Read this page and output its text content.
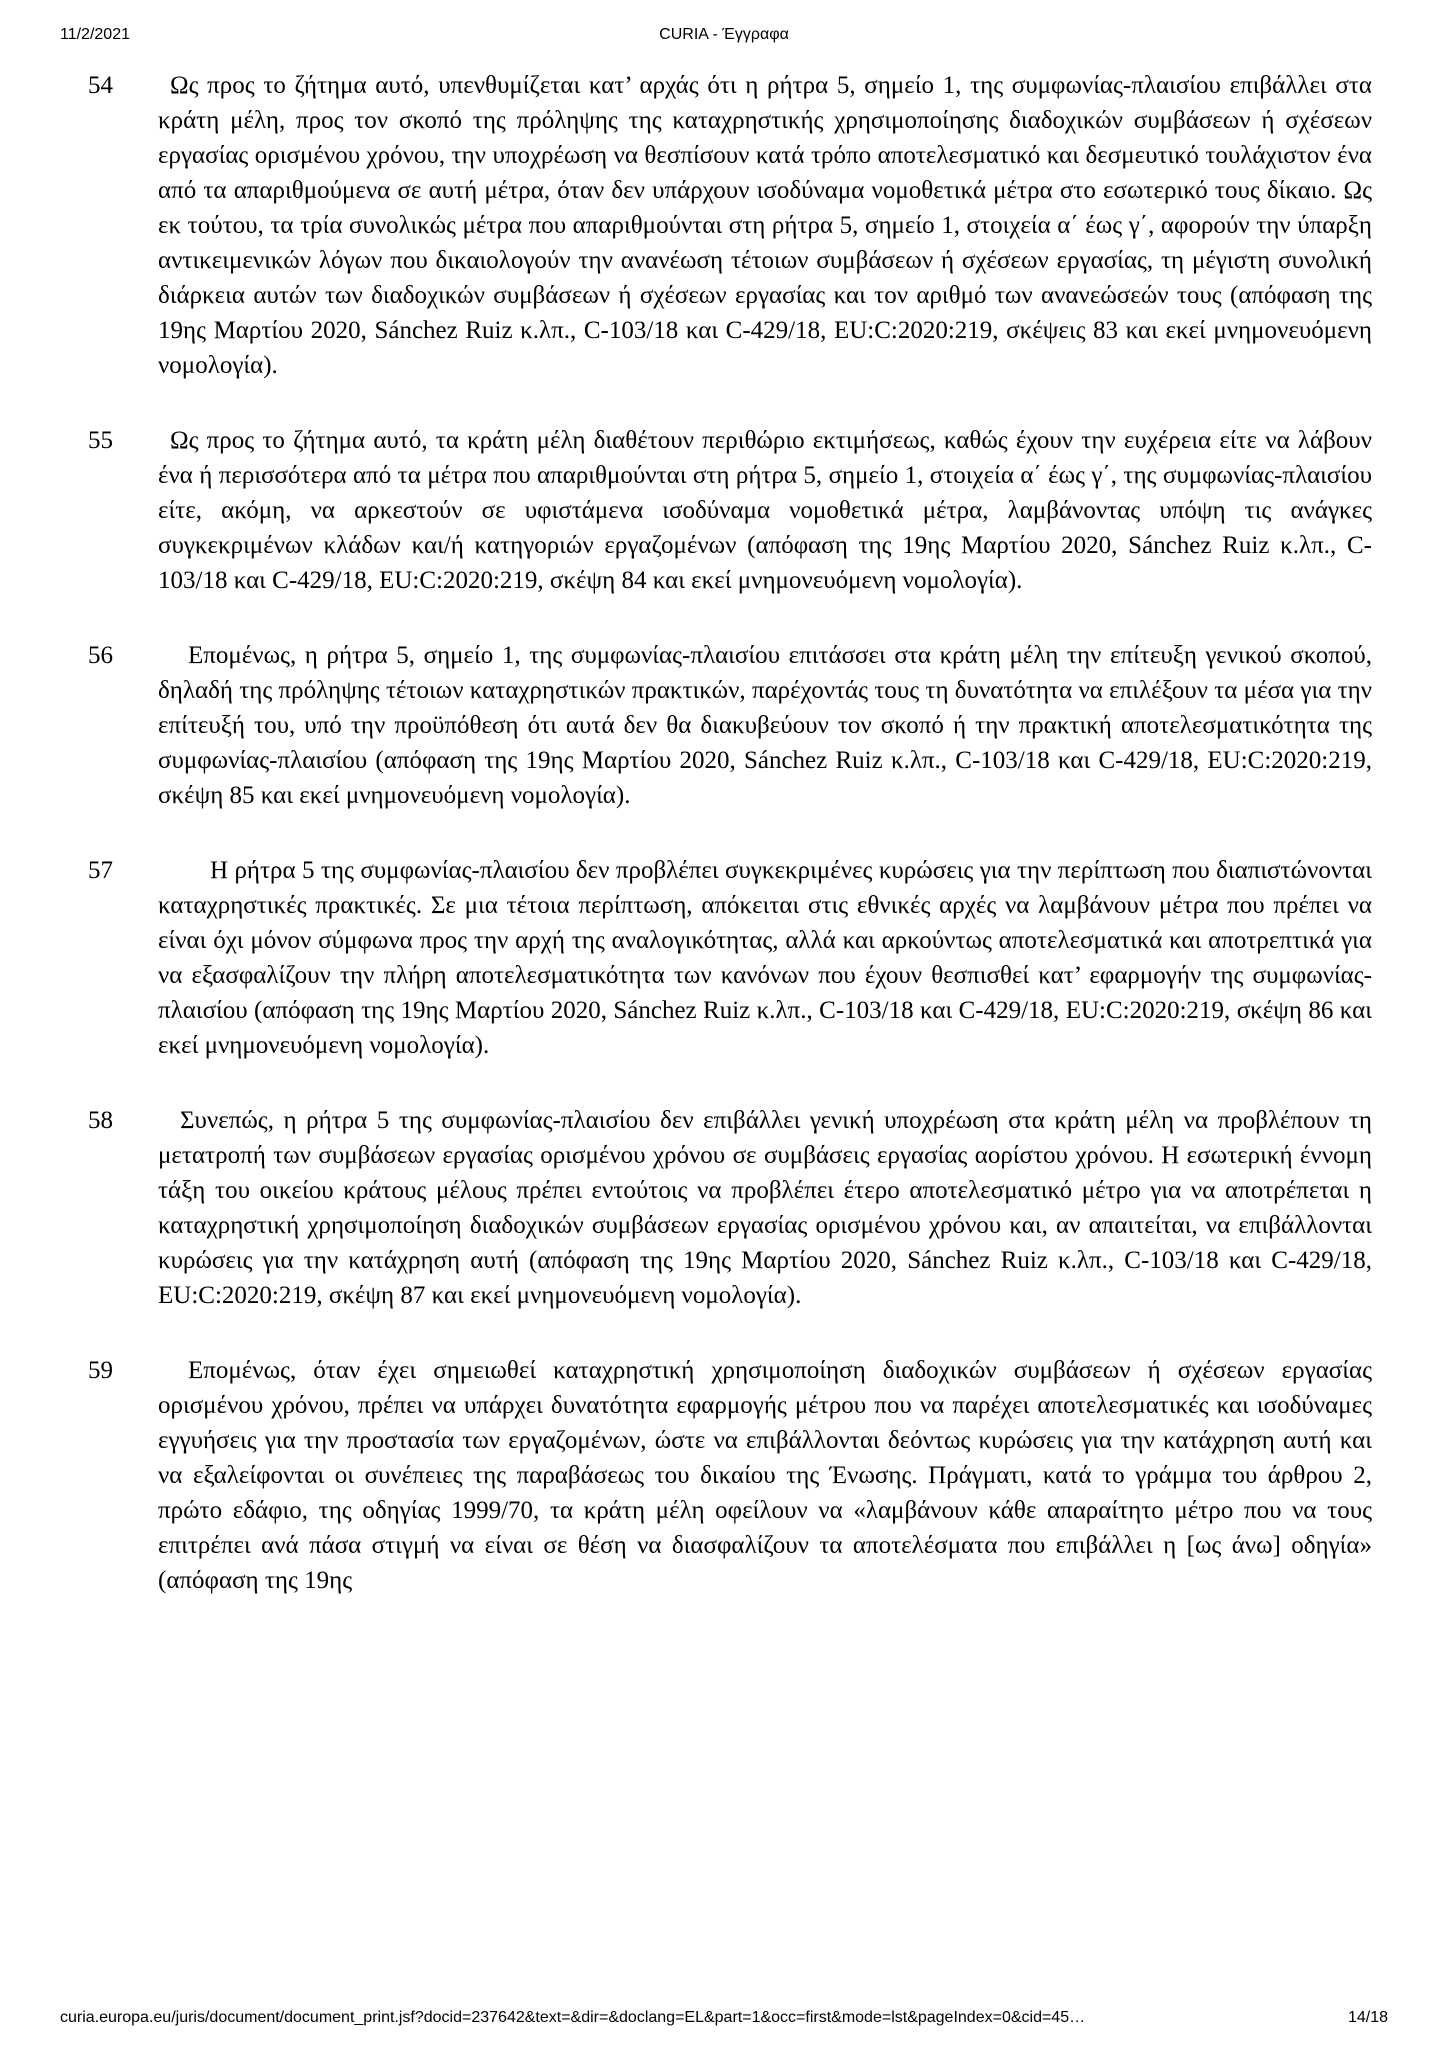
11/2/2021	CURIA - Έγγραφα
54	Ως προς το ζήτημα αυτό, υπενθυμίζεται κατ’ αρχάς ότι η ρήτρα 5, σημείο 1, της συμφωνίας-πλαισίου επιβάλλει στα κράτη μέλη, προς τον σκοπό της πρόληψης της καταχρηστικής χρησιμοποίησης διαδοχικών συμβάσεων ή σχέσεων εργασίας ορισμένου χρόνου, την υποχρέωση να θεσπίσουν κατά τρόπο αποτελεσματικό και δεσμευτικό τουλάχιστον ένα από τα απαριθμούμενα σε αυτή μέτρα, όταν δεν υπάρχουν ισοδύναμα νομοθετικά μέτρα στο εσωτερικό τους δίκαιο. Ως εκ τούτου, τα τρία συνολικώς μέτρα που απαριθμούνται στη ρήτρα 5, σημείο 1, στοιχεία α΄ έως γ΄, αφορούν την ύπαρξη αντικειμενικών λόγων που δικαιολογούν την ανανέωση τέτοιων συμβάσεων ή σχέσεων εργασίας, τη μέγιστη συνολική διάρκεια αυτών των διαδοχικών συμβάσεων ή σχέσεων εργασίας και τον αριθμό των ανανεώσεών τους (απόφαση της 19ης Μαρτίου 2020, Sánchez Ruiz κ.λπ., C-103/18 και C-429/18, EU:C:2020:219, σκέψεις 83 και εκεί μνημονευόμενη νομολογία).
55	Ως προς το ζήτημα αυτό, τα κράτη μέλη διαθέτουν περιθώριο εκτιμήσεως, καθώς έχουν την ευχέρεια είτε να λάβουν ένα ή περισσότερα από τα μέτρα που απαριθμούνται στη ρήτρα 5, σημείο 1, στοιχεία α΄ έως γ΄, της συμφωνίας-πλαισίου είτε, ακόμη, να αρκεστούν σε υφιστάμενα ισοδύναμα νομοθετικά μέτρα, λαμβάνοντας υπόψη τις ανάγκες συγκεκριμένων κλάδων και/ή κατηγοριών εργαζομένων (απόφαση της 19ης Μαρτίου 2020, Sánchez Ruiz κ.λπ., C-103/18 και C-429/18, EU:C:2020:219, σκέψη 84 και εκεί μνημονευόμενη νομολογία).
56	Επομένως, η ρήτρα 5, σημείο 1, της συμφωνίας-πλαισίου επιτάσσει στα κράτη μέλη την επίτευξη γενικού σκοπού, δηλαδή της πρόληψης τέτοιων καταχρηστικών πρακτικών, παρέχοντάς τους τη δυνατότητα να επιλέξουν τα μέσα για την επίτευξή του, υπό την προϋπόθεση ότι αυτά δεν θα διακυβεύουν τον σκοπό ή την πρακτική αποτελεσματικότητα της συμφωνίας-πλαισίου (απόφαση της 19ης Μαρτίου 2020, Sánchez Ruiz κ.λπ., C-103/18 και C-429/18, EU:C:2020:219, σκέψη 85 και εκεί μνημονευόμενη νομολογία).
57	Η ρήτρα 5 της συμφωνίας-πλαισίου δεν προβλέπει συγκεκριμένες κυρώσεις για την περίπτωση που διαπιστώνονται καταχρηστικές πρακτικές. Σε μια τέτοια περίπτωση, απόκειται στις εθνικές αρχές να λαμβάνουν μέτρα που πρέπει να είναι όχι μόνον σύμφωνα προς την αρχή της αναλογικότητας, αλλά και αρκούντως αποτελεσματικά και αποτρεπτικά για να εξασφαλίζουν την πλήρη αποτελεσματικότητα των κανόνων που έχουν θεσπισθεί κατ’ εφαρμογήν της συμφωνίας-πλαισίου (απόφαση της 19ης Μαρτίου 2020, Sánchez Ruiz κ.λπ., C-103/18 και C-429/18, EU:C:2020:219, σκέψη 86 και εκεί μνημονευόμενη νομολογία).
58	Συνεπώς, η ρήτρα 5 της συμφωνίας-πλαισίου δεν επιβάλλει γενική υποχρέωση στα κράτη μέλη να προβλέπουν τη μετατροπή των συμβάσεων εργασίας ορισμένου χρόνου σε συμβάσεις εργασίας αορίστου χρόνου. Η εσωτερική έννομη τάξη του οικείου κράτους μέλους πρέπει εντούτοις να προβλέπει έτερο αποτελεσματικό μέτρο για να αποτρέπεται η καταχρηστική χρησιμοποίηση διαδοχικών συμβάσεων εργασίας ορισμένου χρόνου και, αν απαιτείται, να επιβάλλονται κυρώσεις για την κατάχρηση αυτή (απόφαση της 19ης Μαρτίου 2020, Sánchez Ruiz κ.λπ., C-103/18 και C-429/18, EU:C:2020:219, σκέψη 87 και εκεί μνημονευόμενη νομολογία).
59	Επομένως, όταν έχει σημειωθεί καταχρηστική χρησιμοποίηση διαδοχικών συμβάσεων ή σχέσεων εργασίας ορισμένου χρόνου, πρέπει να υπάρχει δυνατότητα εφαρμογής μέτρου που να παρέχει αποτελεσματικές και ισοδύναμες εγγυήσεις για την προστασία των εργαζομένων, ώστε να επιβάλλονται δεόντως κυρώσεις για την κατάχρηση αυτή και να εξαλείφονται οι συνέπειες της παραβάσεως του δικαίου της Ένωσης. Πράγματι, κατά το γράμμα του άρθρου 2, πρώτο εδάφιο, της οδηγίας 1999/70, τα κράτη μέλη οφείλουν να «λαμβάνουν κάθε απαραίτητο μέτρο που να τους επιτρέπει ανά πάσα στιγμή να είναι σε θέση να διασφαλίζουν τα αποτελέσματα που επιβάλλει η [ως άνω] οδηγία» (απόφαση της 19ης
curia.europa.eu/juris/document/document_print.jsf?docid=237642&text=&dir=&doclang=EL&part=1&occ=first&mode=lst&pageIndex=0&cid=45…	14/18
